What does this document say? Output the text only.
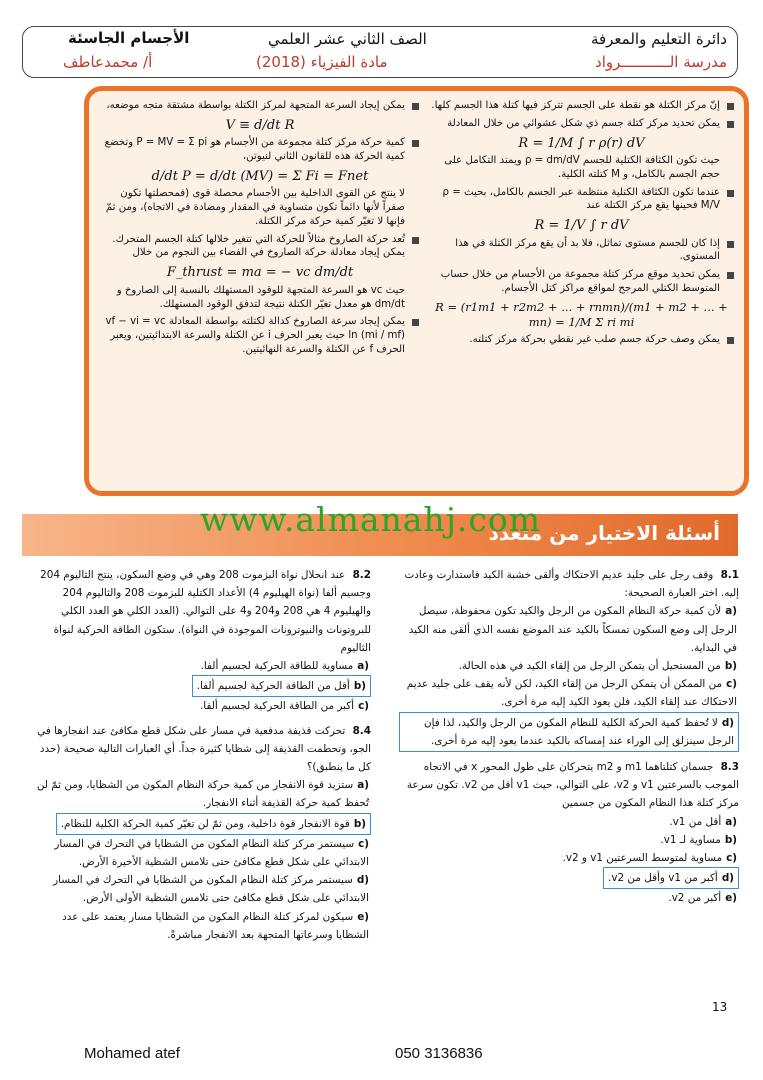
دائرة التعليم والمعرفة
مدرسة الـــــــــــرواد
الصف الثاني عشر العلمي
مادة الفيزياء (2018)
الأجسام الجاسئة
أ/ محمدعاطف
إنّ مركز الكتلة هو نقطة على الجسم تتركز فيها كتلة هذا الجسم كلها.
يمكن تحديد مركز كتلة جسم ذي شكل عشوائي من خلال المعادلة
R = 1/M ∫ r ρ(r) dV
حيث تكون الكثافة الكتلية للجسم ρ = dm/dV ويمتد التكامل على حجم الجسم بالكامل، و M كتلته الكلية.
عندما تكون الكثافة الكتلية منتظمة عبر الجسم بالكامل، بحيث ρ = M/V فحينها يقع مركز الكتلة عند
R = 1/V ∫ r dV
إذا كان للجسم مستوى تماثل، فلا بد أن يقع مركز الكتلة في هذا المستوى.
يمكن تحديد موقع مركز كتلة مجموعة من الأجسام من خلال حساب المتوسط الكتلي المرجح لمواقع مراكز كتل الأجسام.
R = (r1m1 + r2m2 + ... + rnmn)/(m1 + m2 + ... + mn) = 1/M Σ ri mi
يمكن وصف حركة جسم صلب غير نقطي بحركة مركز كتلته.
يمكن إيجاد السرعة المتجهة لمركز الكتلة بواسطة مشتقة متجه موضعه،
V ≡ d/dt R
كمية حركة مركز كتلة مجموعة من الأجسام هو P = MV = Σ pi وتخضع كمية الحركة هذه للقانون الثاني لنيوتن،
d/dt P = d/dt (MV) = Σ Fi = Fnet
لا ينتج عن القوى الداخلية بين الأجسام محصلة قوى (فمحصلتها تكون صفراً لأنها دائماً تكون متساوية في المقدار ومضادة في الاتجاه)، ومن ثمّ فإنها لا تغيّر كمية حركة مركز الكتلة.
تُعد حركة الصاروخ مثالاً للحركة التي تتغير خلالها كتلة الجسم المتحرك. يمكن إيجاد معادلة حركة الصاروخ في الفضاء بين النجوم من خلال
F_thrust = ma = − vc dm/dt
حيث vc هو السرعة المتجهة للوقود المستهلك بالنسبة إلى الصاروخ و dm/dt هو معدل تغيّر الكتلة نتيجة لتدفق الوقود المستهلك.
يمكن إيجاد سرعة الصاروخ كدالة لكتلته بواسطة المعادلة vf − vi = vc ln (mi / mf) حيث يعبر الحرف i عن الكتلة والسرعة الابتدائيتين، ويعبر الحرف f عن الكتلة والسرعة النهائيتين.
أسئلة الاختيار من متعدد
www.almanahj.com
8.1 وقف رجل على جليد عديم الاحتكاك وألقى خشبة الكيد فاستدارت وعادت إليه. اختر العبارة الصحيحة:
a)لأن كمية حركة النظام المكون من الرجل والكيد تكون محفوظة، سيصل الرجل إلى وضع السكون تمسكاً بالكيد عند الموضع نفسه الذي ألقى منه الكيد في البداية.
b)من المستحيل أن يتمكن الرجل من إلقاء الكيد في هذه الحالة.
c)من الممكن أن يتمكن الرجل من إلقاء الكيد، لكن لأنه يقف على جليد عديم الاحتكاك عند إلقاء الكيد، فلن يعود الكيد إليه مرة أخرى.
d)لا تُحفظ كمية الحركة الكلية للنظام المكون من الرجل والكيد، لذا فإن الرجل سينزلق إلى الوراء عند إمساكه بالكيد عندما يعود إليه مرة أخرى.
8.3 جسمان كتلتاهما m1 و m2 يتحركان على طول المحور x في الاتجاه الموجب بالسرعتين v1 و v2، على التوالي، حيث v1 أقل من v2. تكون سرعة مركز كتلة هذا النظام المكون من جسمين
a)أقل من v1.
b)مساوية لـ v1.
c)مساوية لمتوسط السرعتين v1 و v2.
d)أكبر من v1 وأقل من v2.
e)أكبر من v2.
8.2 عند انحلال نواة البزموت 208 وهي في وضع السكون، ينتج الثاليوم 204 وجسيم ألفا (نواة الهيليوم 4) الأعداد الكتلية للبزموت 208 والثاليوم 204 والهيليوم 4 هي 208 و204 و4 على التوالي. (العدد الكلي هو العدد الكلي للبروتونات والنيوترونات الموجودة في النواة). ستكون الطاقة الحركية لنواة الثاليوم
a)مساوية للطاقة الحركية لجسيم ألفا.
b)أقل من الطاقة الحركية لجسيم ألفا.
c)أكبر من الطاقة الحركية لجسيم ألفا.
8.4 تحركت قذيفة مدفعية في مسار على شكل قطع مكافئ عند انفجارها في الجو، وتحطمت القذيفة إلى شظايا كثيرة جداً. أي العبارات التالية صحيحة (حدد كل ما ينطبق)؟
a)ستزيد قوة الانفجار من كمية حركة النظام المكون من الشظايا، ومن ثمّ لن تُحفظ كمية حركة القذيفة أثناء الانفجار.
b)قوة الانفجار قوة داخلية، ومن ثمّ لن تغيّر كمية الحركة الكلية للنظام.
c)سيستمر مركز كتلة النظام المكون من الشظايا في التحرك في المسار الابتدائي على شكل قطع مكافئ حتى تلامس الشظية الأخيرة الأرض.
d)سيستمر مركز كتلة النظام المكون من الشظايا في التحرك في المسار الابتدائي على شكل قطع مكافئ حتى تلامس الشظية الأولى الأرض.
e)سيكون لمركز كتلة النظام المكون من الشظايا مسار يعتمد على عدد الشظايا وسرعاتها المتجهة بعد الانفجار مباشرةً.
13
Mohamed atef	050 3136836
